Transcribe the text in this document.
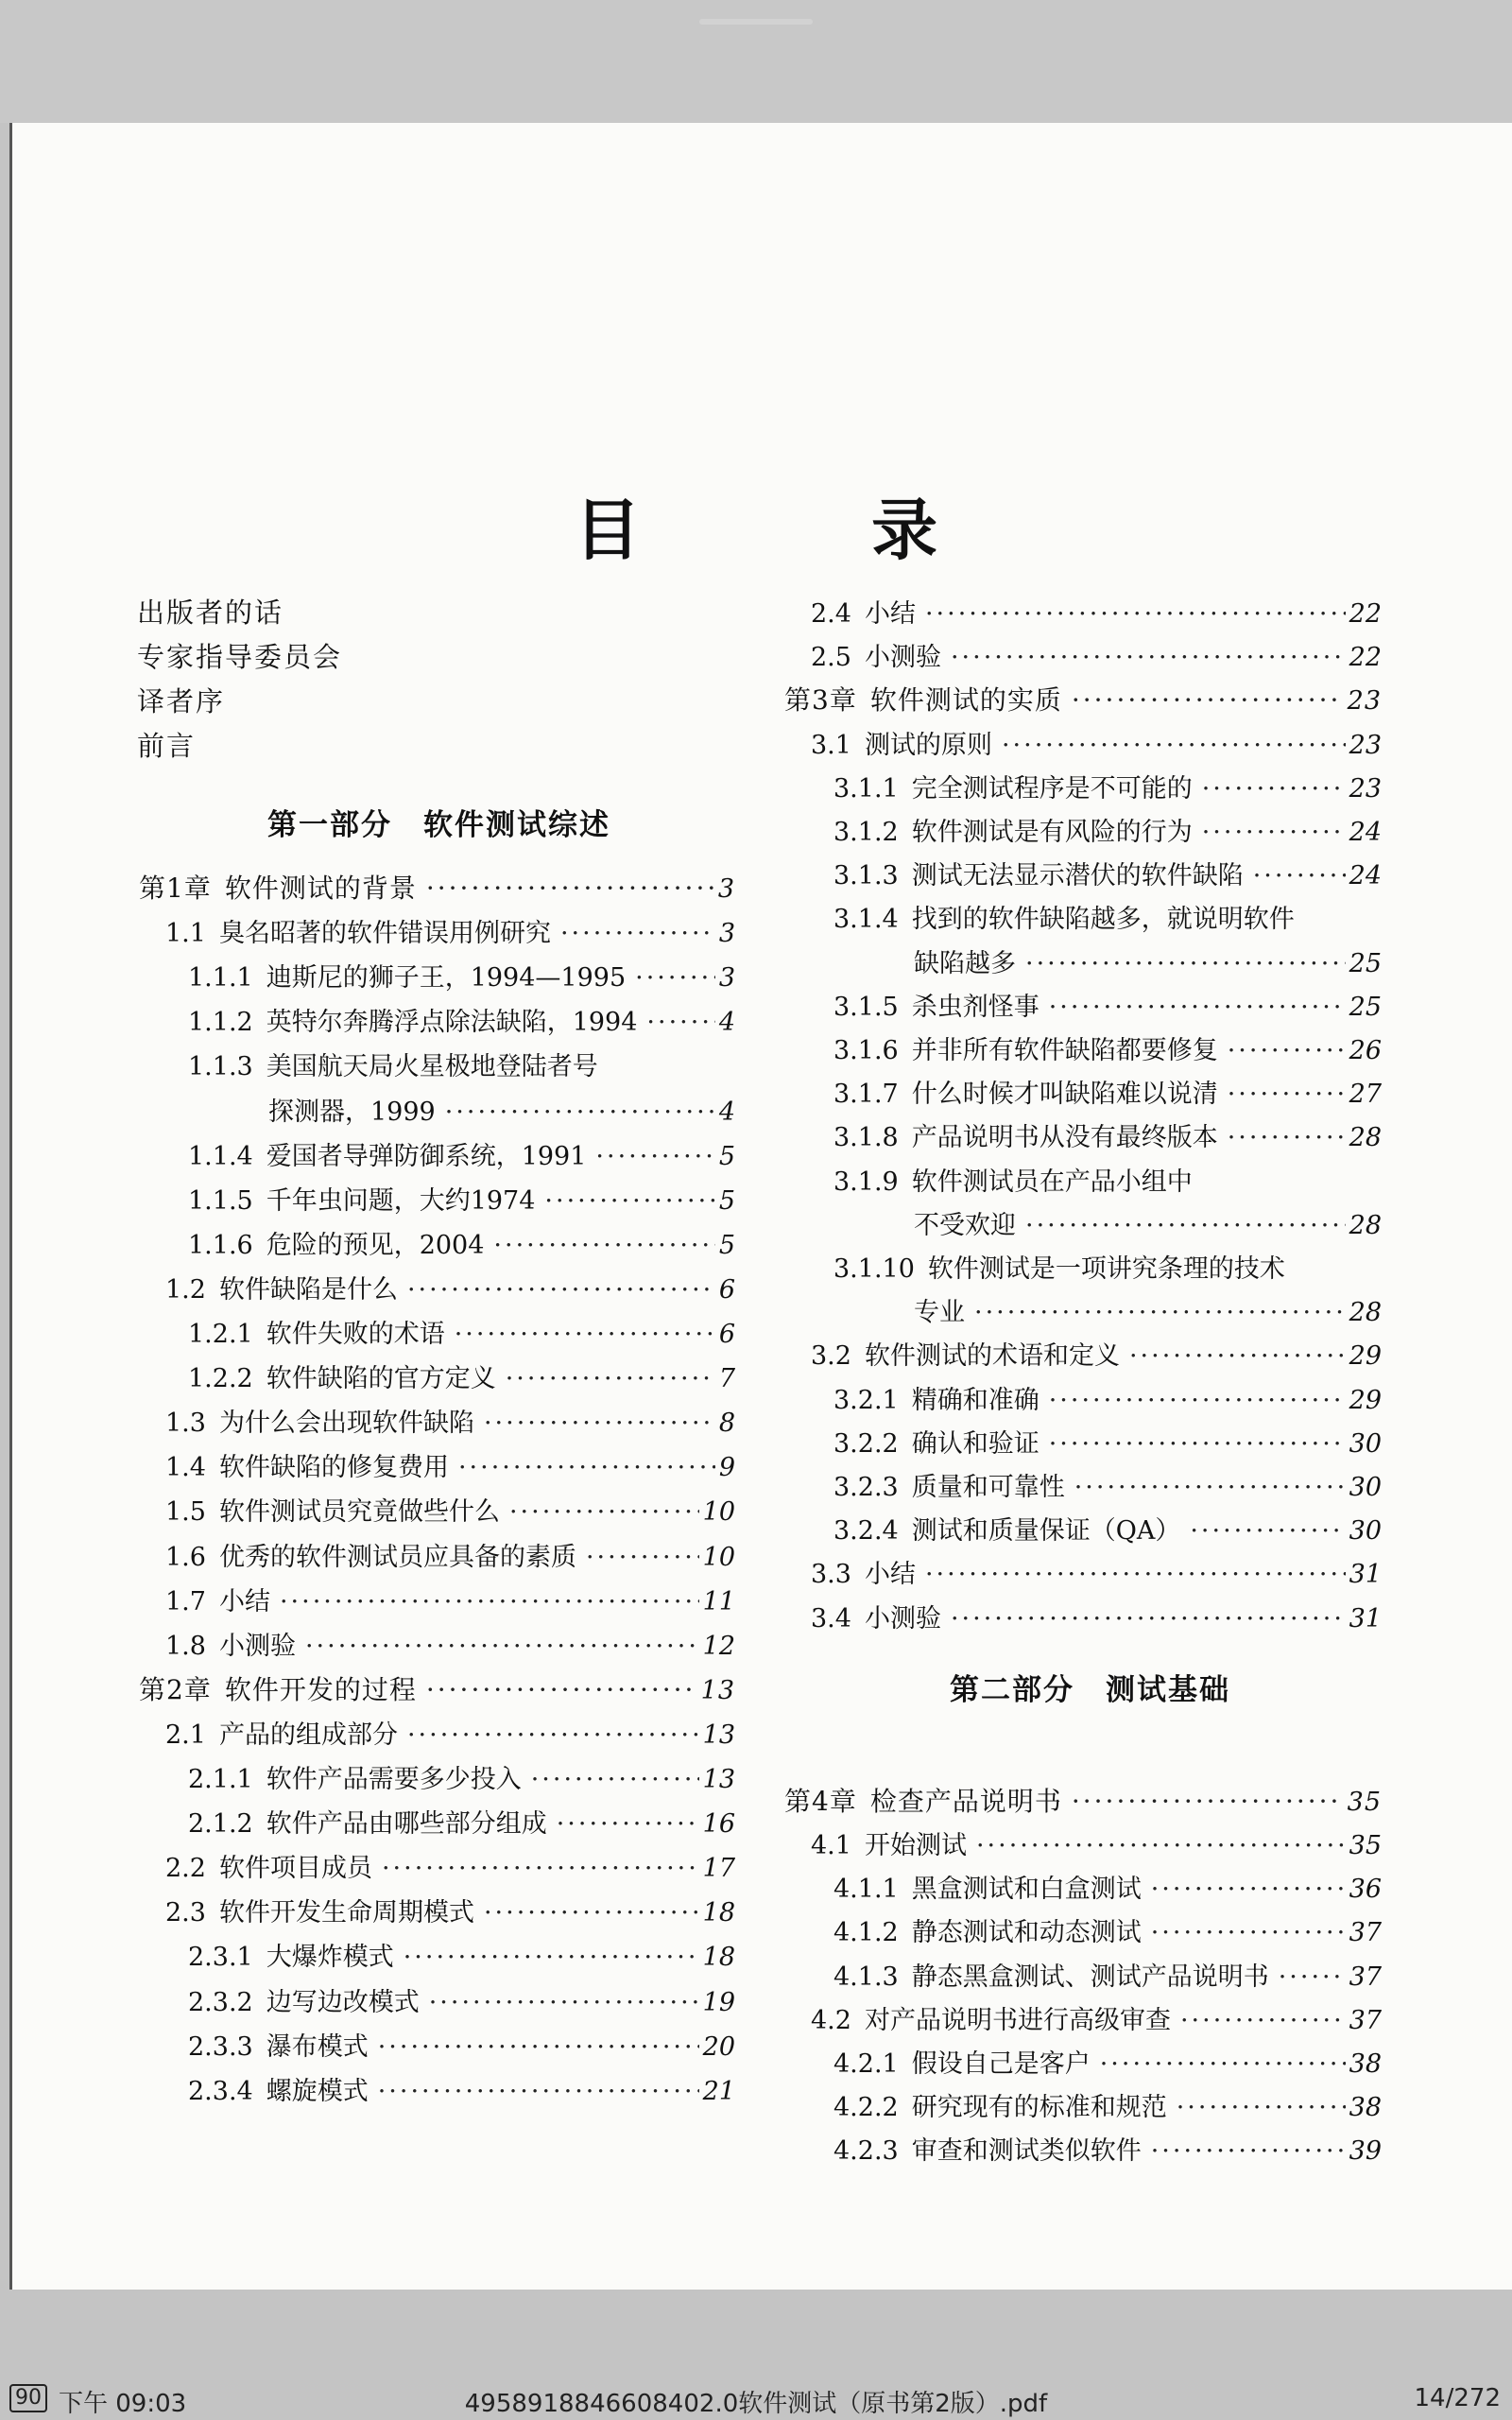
目 录
出版者的话
专家指导委员会
译者序
前言
第一部分　软件测试综述
第二部分　测试基础
第1章 软件测试的背景 ·····	3
1.1 臭名昭著的软件错误用例研究 ·····	3
1.1.1 迪斯尼的狮子王，1994—1995 ·····	3
1.1.2 英特尔奔腾浮点除法缺陷，1994 ·····	4
1.1.3 美国航天局火星极地登陆者号
探测器，1999 ·····	4
1.1.4 爱国者导弹防御系统，1991 ·····	5
1.1.5 千年虫问题，大约1974 ·····	5
1.1.6 危险的预见，2004 ·····	5
1.2 软件缺陷是什么 ·····	6
1.2.1 软件失败的术语 ·····	6
1.2.2 软件缺陷的官方定义 ·····	7
1.3 为什么会出现软件缺陷 ·····	8
1.4 软件缺陷的修复费用 ·····	9
1.5 软件测试员究竟做些什么 ·····	10
1.6 优秀的软件测试员应具备的素质 ·····	10
1.7 小结 ·····	11
1.8 小测验 ·····	12
第2章 软件开发的过程 ·····	13
2.1 产品的组成部分 ·····	13
2.1.1 软件产品需要多少投入 ·····	13
2.1.2 软件产品由哪些部分组成 ·····	16
2.2 软件项目成员 ·····	17
2.3 软件开发生命周期模式 ·····	18
2.3.1 大爆炸模式 ·····	18
2.3.2 边写边改模式 ·····	19
2.3.3 瀑布模式 ·····	20
2.3.4 螺旋模式 ·····	21
2.4 小结 ·····	22
2.5 小测验 ·····	22
第3章 软件测试的实质 ·····	23
3.1 测试的原则 ·····	23
3.1.1 完全测试程序是不可能的 ·····	23
3.1.2 软件测试是有风险的行为 ·····	24
3.1.3 测试无法显示潜伏的软件缺陷 ·····	24
3.1.4 找到的软件缺陷越多，就说明软件
缺陷越多 ·····	25
3.1.5 杀虫剂怪事 ·····	25
3.1.6 并非所有软件缺陷都要修复 ·····	26
3.1.7 什么时候才叫缺陷难以说清 ·····	27
3.1.8 产品说明书从没有最终版本 ·····	28
3.1.9 软件测试员在产品小组中
不受欢迎 ·····	28
3.1.10 软件测试是一项讲究条理的技术
专业 ·····	28
3.2 软件测试的术语和定义 ·····	29
3.2.1 精确和准确 ·····	29
3.2.2 确认和验证 ·····	30
3.2.3 质量和可靠性 ·····	30
3.2.4 测试和质量保证（QA） ·····	30
3.3 小结 ·····	31
3.4 小测验 ·····	31
第4章 检查产品说明书 ·····	35
4.1 开始测试 ·····	35
4.1.1 黑盒测试和白盒测试 ·····	36
4.1.2 静态测试和动态测试 ·····	37
4.1.3 静态黑盒测试、测试产品说明书 ·····	37
4.2 对产品说明书进行高级审查 ·····	37
4.2.1 假设自己是客户 ·····	38
4.2.2 研究现有的标准和规范 ·····	38
4.2.3 审查和测试类似软件 ·····	39
90 下午 09:03	4958918846608402.0软件测试（原书第2版）.pdf	14/272
